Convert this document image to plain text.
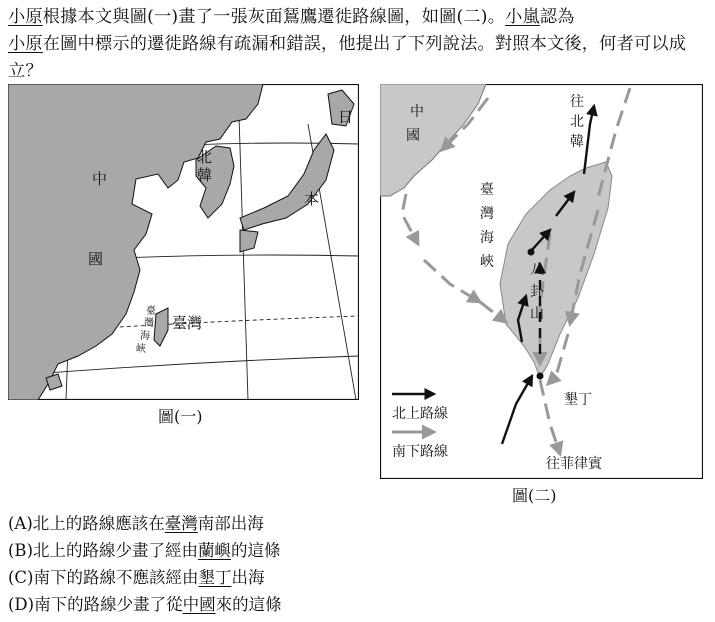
小原根據本文與圖(一)畫了一張灰面鵟鷹遷徙路線圖，如圖(二)。小嵐認為
小原在圖中標示的遷徙路線有疏漏和錯誤，他提出了下列說法。對照本文後，何者可以成立？
中
國
北
韓
日
本
臺灣
臺
灣
海
峽
圖(一)
中
國
臺
灣
海
峽
往
北
韓
八
卦
山
墾丁
往菲律賓
北上路線
南下路線
圖(二)
(A)北上的路線應該在臺灣南部出海
(B)北上的路線少畫了經由蘭嶼的這條
(C)南下的路線不應該經由墾丁出海
(D)南下的路線少畫了從中國來的這條
